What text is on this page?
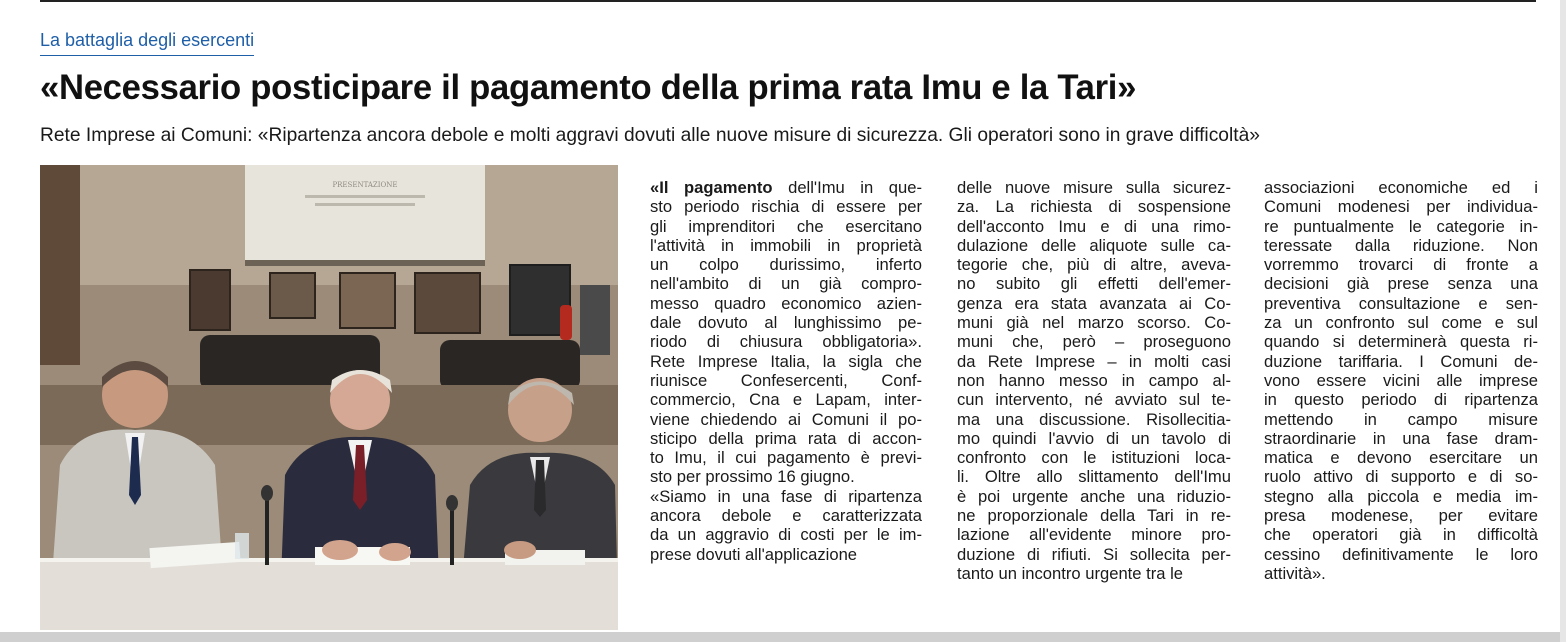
La battaglia degli esercenti
«Necessario posticipare il pagamento della prima rata Imu e la Tari»

Rete Imprese ai Comuni: «Ripartenza ancora debole e molti aggravi dovuti alle nuove misure di sicurezza. Gli operatori sono in grave difficoltà»

PRESENTAZIONE	«Il pagamento dell'Imu in que-
sto periodo rischia di essere per
gli imprenditori che esercitano
l'attività in immobili in proprietà
un colpo durissimo, inferto
nell'ambito di un già compro-
messo quadro economico azien-
dale dovuto al lunghissimo pe-
riodo di chiusura obbligatoria».
Rete Imprese Italia, la sigla che
riunisce Confesercenti, Conf-
commercio, Cna e Lapam, inter-
viene chiedendo ai Comuni il po-
sticipo della prima rata di accon-
to Imu, il cui pagamento è previ-
sto per prossimo 16 giugno.
«Siamo in una fase di ripartenza
ancora debole e caratterizzata
da un aggravio di costi per le im-
prese dovuti all'applicazione
delle nuove misure sulla sicurez-
za. La richiesta di sospensione
dell'acconto Imu e di una rimo-
dulazione delle aliquote sulle ca-
tegorie che, più di altre, aveva-
no subito gli effetti dell'emer-
genza era stata avanzata ai Co-
muni già nel marzo scorso. Co-
muni che, però – proseguono
da Rete Imprese – in molti casi
non hanno messo in campo al-
cun intervento, né avviato sul te-
ma una discussione. Risollecitia-
mo quindi l'avvio di un tavolo di
confronto con le istituzioni loca-
li. Oltre allo slittamento dell'Imu
è poi urgente anche una riduzio-
ne proporzionale della Tari in re-
lazione all'evidente minore pro-
duzione di rifiuti. Si sollecita per-
tanto un incontro urgente tra le
associazioni economiche ed i
Comuni modenesi per individua-
re puntualmente le categorie in-
teressate dalla riduzione. Non
vorremmo trovarci di fronte a
decisioni già prese senza una
preventiva consultazione e sen-
za un confronto sul come e sul
quando si determinerà questa ri-
duzione tariffaria. I Comuni de-
vono essere vicini alle imprese
in questo periodo di ripartenza
mettendo in campo misure
straordinarie in una fase dram-
matica e devono esercitare un
ruolo attivo di supporto e di so-
stegno alla piccola e media im-
presa modenese, per evitare
che operatori già in difficoltà
cessino definitivamente le loro
attività».
